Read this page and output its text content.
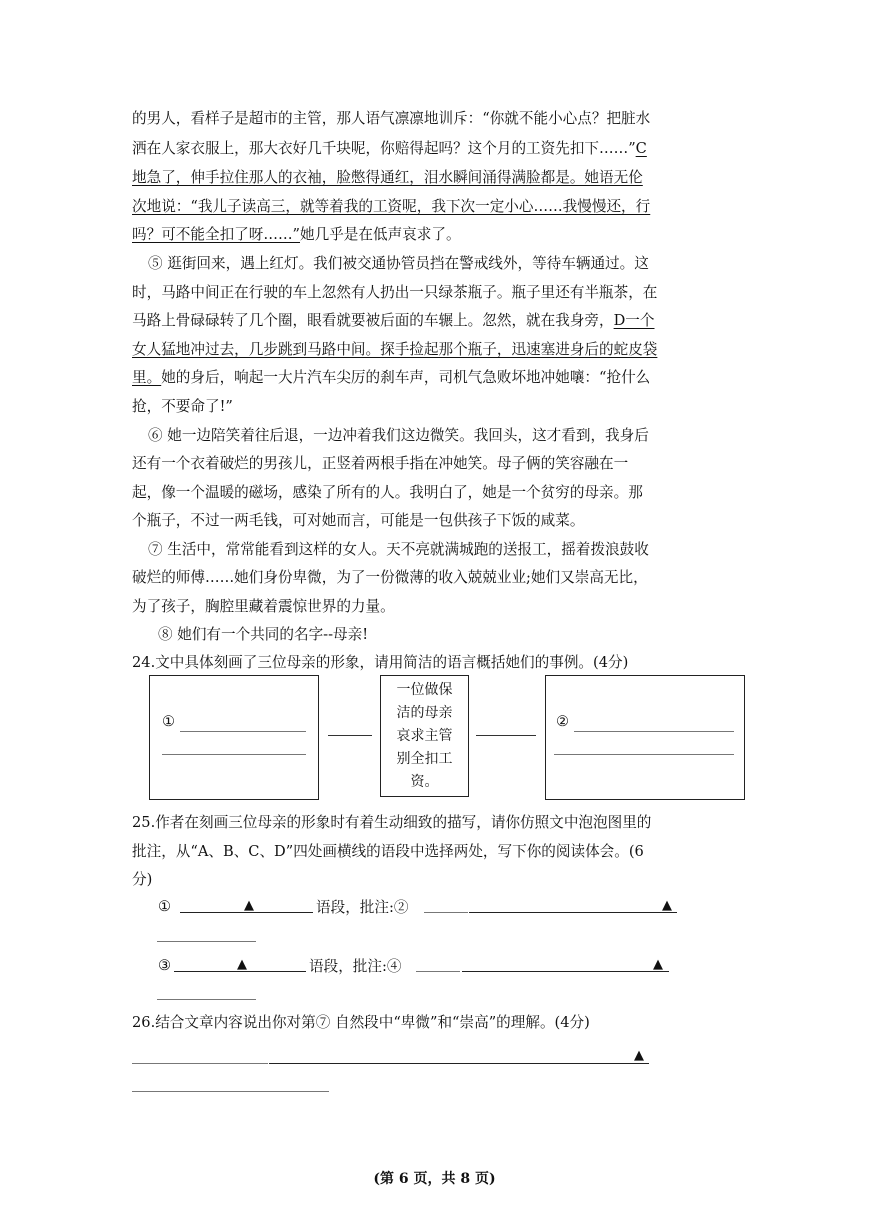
的男人，看样子是超市的主管，那人语气凛凛地训斥：“你就不能小心点？把脏水
洒在人家衣服上，那大衣好几千块呢，你赔得起吗？这个月的工资先扣下……”C
地急了，伸手拉住那人的衣袖，脸憋得通红，泪水瞬间涌得满脸都是。她语无伦
次地说：“我儿子读高三，就等着我的工资呢，我下次一定小心……我慢慢还，行
吗？可不能全扣了呀……”她几乎是在低声哀求了。
⑤ 逛街回来，遇上红灯。我们被交通协管员挡在警戒线外，等待车辆通过。这
时，马路中间正在行驶的车上忽然有人扔出一只绿茶瓶子。瓶子里还有半瓶茶，在
马路上骨碌碌转了几个圈，眼看就要被后面的车辗上。忽然，就在我身旁，D一个
女人猛地冲过去，几步跳到马路中间。探手捡起那个瓶子，迅速塞进身后的蛇皮袋
里。她的身后，响起一大片汽车尖厉的刹车声，司机气急败坏地冲她嚷：“抢什么
抢，不要命了!”
⑥ 她一边陪笑着往后退，一边冲着我们这边微笑。我回头，这才看到，我身后
还有一个衣着破烂的男孩儿，正竖着两根手指在冲她笑。母子俩的笑容融在一
起，像一个温暖的磁场，感染了所有的人。我明白了，她是一个贫穷的母亲。那
个瓶子，不过一两毛钱，可对她而言，可能是一包供孩子下饭的咸菜。
⑦ 生活中，常常能看到这样的女人。天不亮就满城跑的送报工，摇着拨浪鼓收
破烂的师傅……她们身份卑微，为了一份微薄的收入兢兢业业;她们又崇高无比，
为了孩子，胸腔里藏着震惊世界的力量。
⑧ 她们有一个共同的名字--母亲!
24.文中具体刻画了三位母亲的形象，请用简洁的语言概括她们的事例。(4分)
①
一位做保
洁的母亲
哀求主管
别全扣工
资。
②
25.作者在刻画三位母亲的形象时有着生动细致的描写，请你仿照文中泡泡图里的
批注，从“A、B、C、D”四处画横线的语段中选择两处，写下你的阅读体会。(6
分)
①	▲	语段，批注:②	▲
③	▲	语段，批注:④	▲
26.结合文章内容说出你对第⑦ 自然段中“卑微”和“崇高”的理解。(4分)
▲
(第 6 页，共 8 页)
